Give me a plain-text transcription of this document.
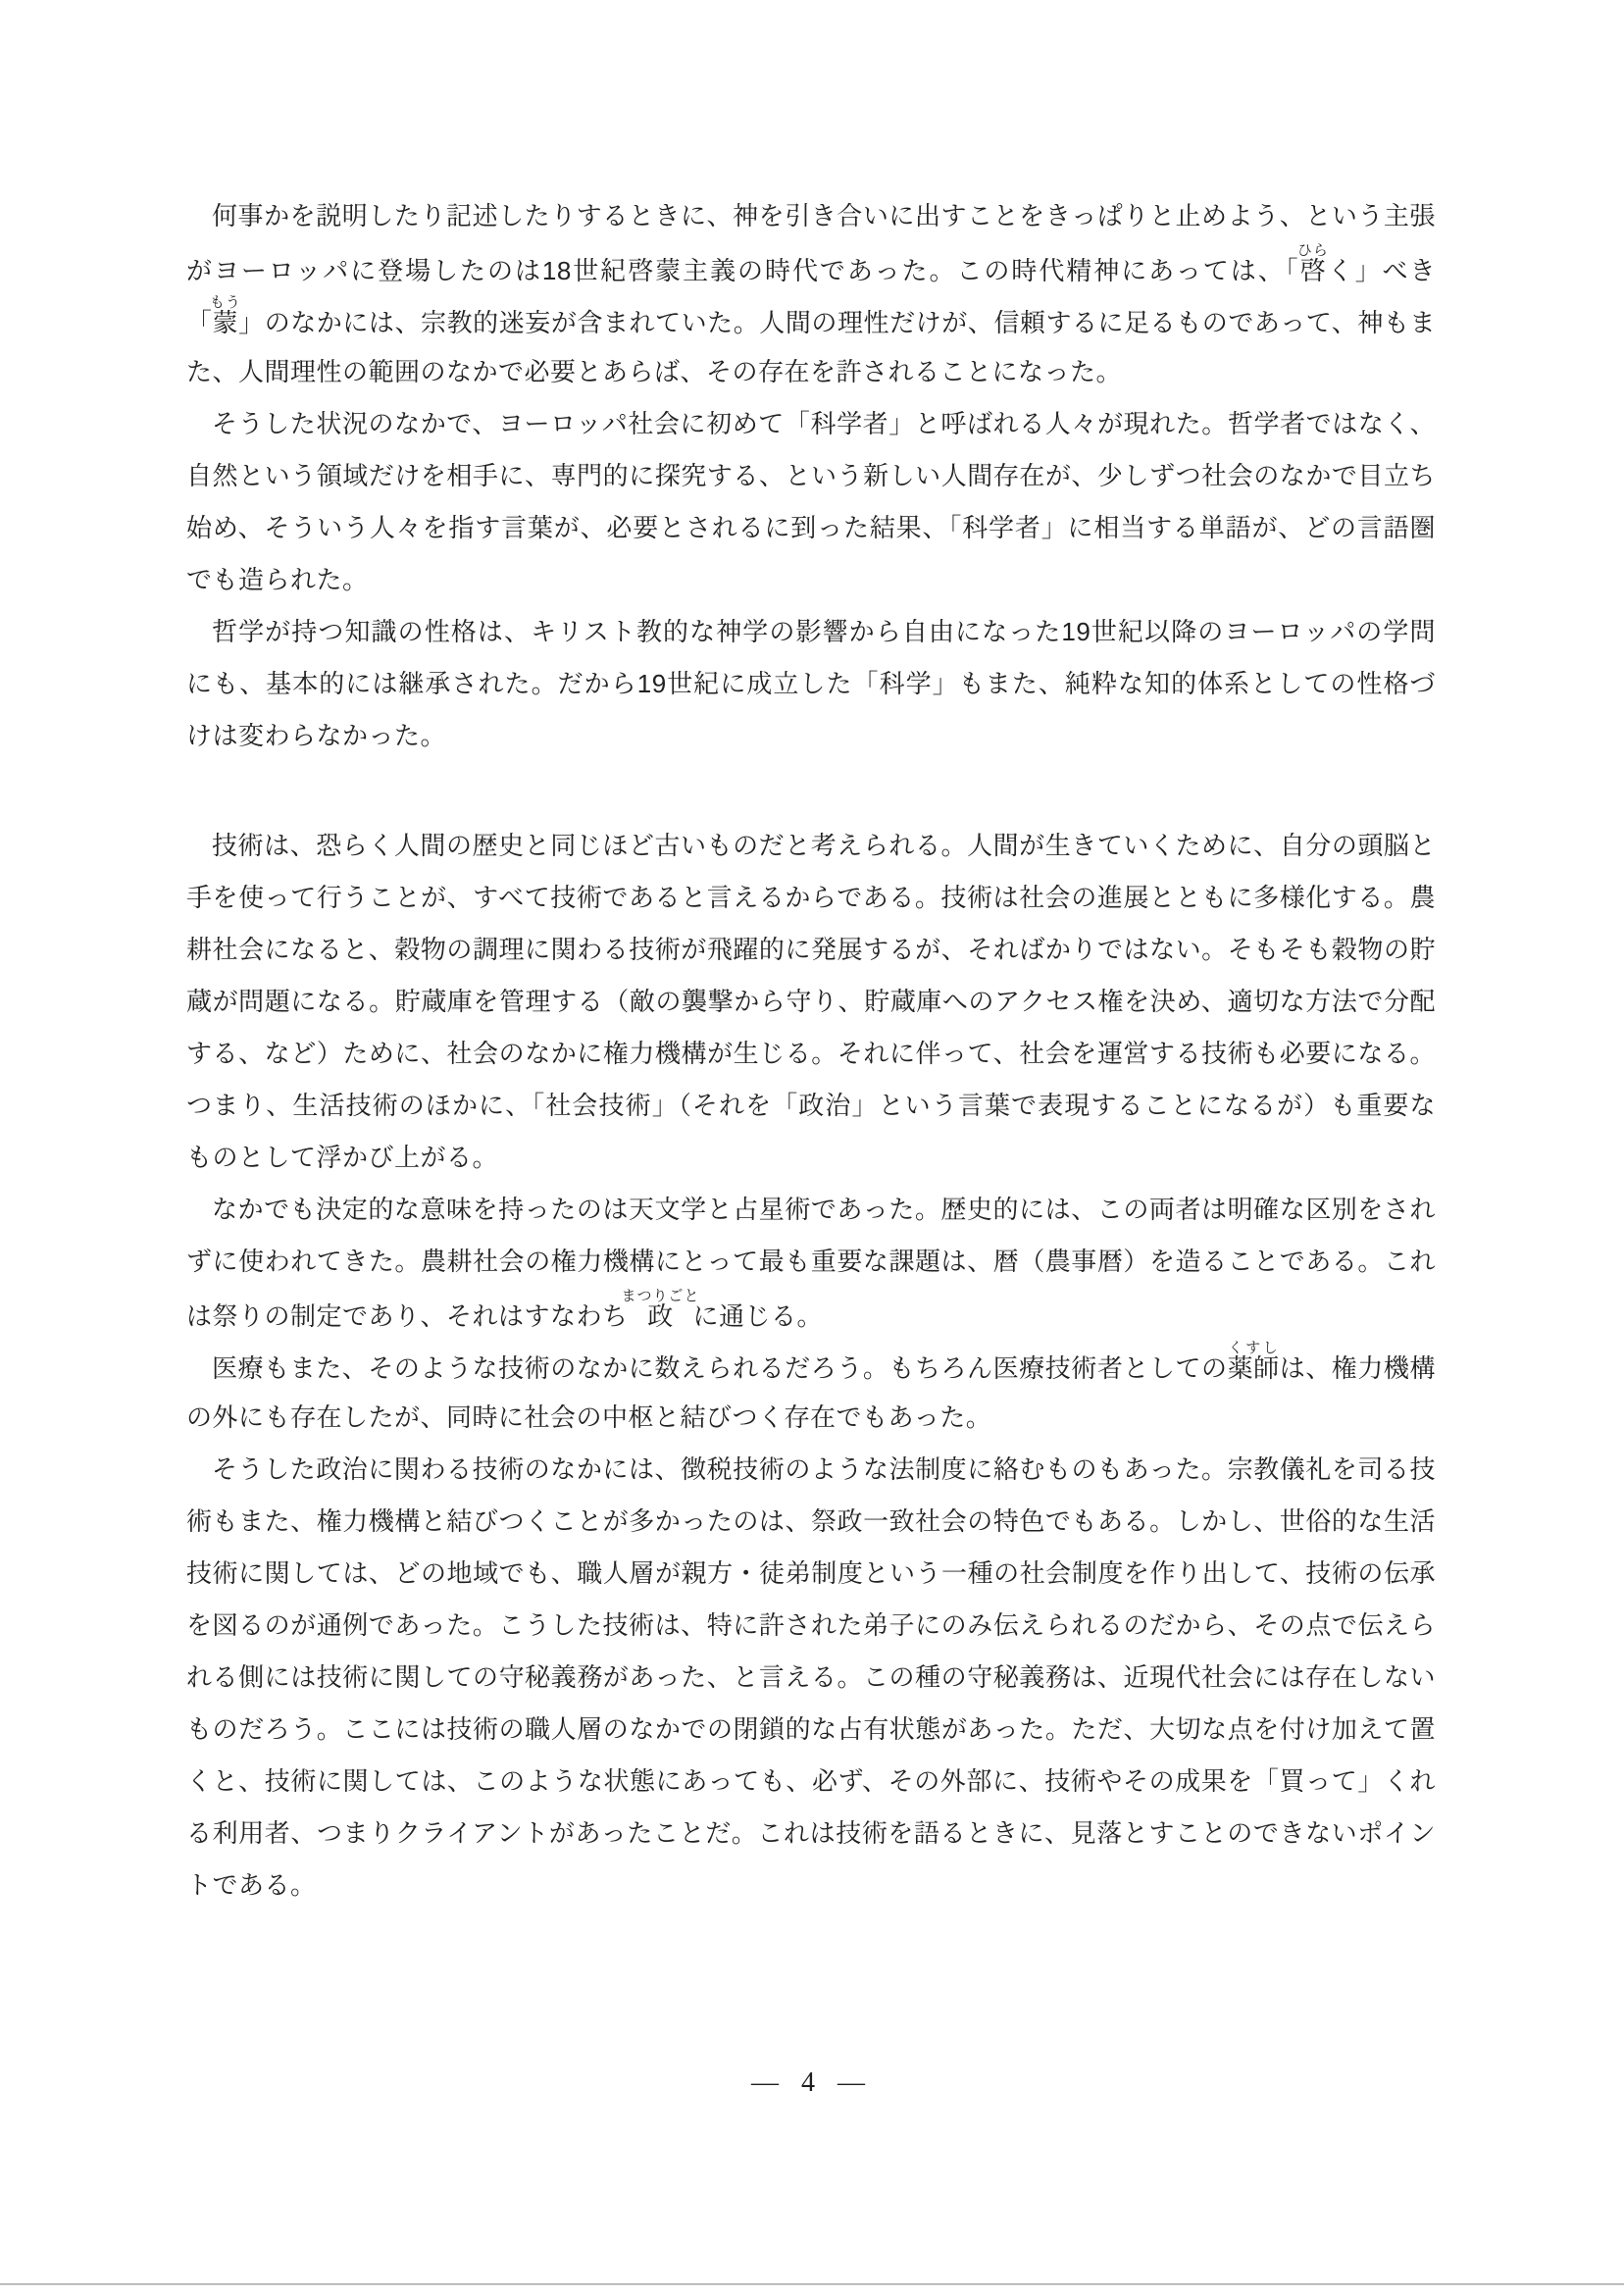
何事かを説明したり記述したりするときに、神を引き合いに出すことをきっぱりと止めよう、という主張
がヨーロッパに登場したのは18世紀啓蒙主義の時代であった。この時代精神にあっては、「啓ひらく」べき
「蒙もう」のなかには、宗教的迷妄が含まれていた。人間の理性だけが、信頼するに足るものであって、神もま
た、人間理性の範囲のなかで必要とあらば、その存在を許されることになった。
そうした状況のなかで、ヨーロッパ社会に初めて「科学者」と呼ばれる人々が現れた。哲学者ではなく、
自然という領域だけを相手に、専門的に探究する、という新しい人間存在が、少しずつ社会のなかで目立ち
始め、そういう人々を指す言葉が、必要とされるに到った結果、「科学者」に相当する単語が、どの言語圏
でも造られた。
哲学が持つ知識の性格は、キリスト教的な神学の影響から自由になった19世紀以降のヨーロッパの学問
にも、基本的には継承された。だから19世紀に成立した「科学」もまた、純粋な知的体系としての性格づ
けは変わらなかった。
技術は、恐らく人間の歴史と同じほど古いものだと考えられる。人間が生きていくために、自分の頭脳と
手を使って行うことが、すべて技術であると言えるからである。技術は社会の進展とともに多様化する。農
耕社会になると、穀物の調理に関わる技術が飛躍的に発展するが、そればかりではない。そもそも穀物の貯
蔵が問題になる。貯蔵庫を管理する（敵の襲撃から守り、貯蔵庫へのアクセス権を決め、適切な方法で分配
する、など）ために、社会のなかに権力機構が生じる。それに伴って、社会を運営する技術も必要になる。
つまり、生活技術のほかに、「社会技術」（それを「政治」という言葉で表現することになるが）も重要な
ものとして浮かび上がる。
なかでも決定的な意味を持ったのは天文学と占星術であった。歴史的には、この両者は明確な区別をされ
ずに使われてきた。農耕社会の権力機構にとって最も重要な課題は、暦（農事暦）を造ることである。これ
は祭りの制定であり、それはすなわち政まつりごとに通じる。
医療もまた、そのような技術のなかに数えられるだろう。もちろん医療技術者としての薬師くすしは、権力機構
の外にも存在したが、同時に社会の中枢と結びつく存在でもあった。
そうした政治に関わる技術のなかには、徴税技術のような法制度に絡むものもあった。宗教儀礼を司る技
術もまた、権力機構と結びつくことが多かったのは、祭政一致社会の特色でもある。しかし、世俗的な生活
技術に関しては、どの地域でも、職人層が親方・徒弟制度という一種の社会制度を作り出して、技術の伝承
を図るのが通例であった。こうした技術は、特に許された弟子にのみ伝えられるのだから、その点で伝えら
れる側には技術に関しての守秘義務があった、と言える。この種の守秘義務は、近現代社会には存在しない
ものだろう。ここには技術の職人層のなかでの閉鎖的な占有状態があった。ただ、大切な点を付け加えて置
くと、技術に関しては、このような状態にあっても、必ず、その外部に、技術やその成果を「買って」くれ
る利用者、つまりクライアントがあったことだ。これは技術を語るときに、見落とすことのできないポイン
トである。
— 4 —
